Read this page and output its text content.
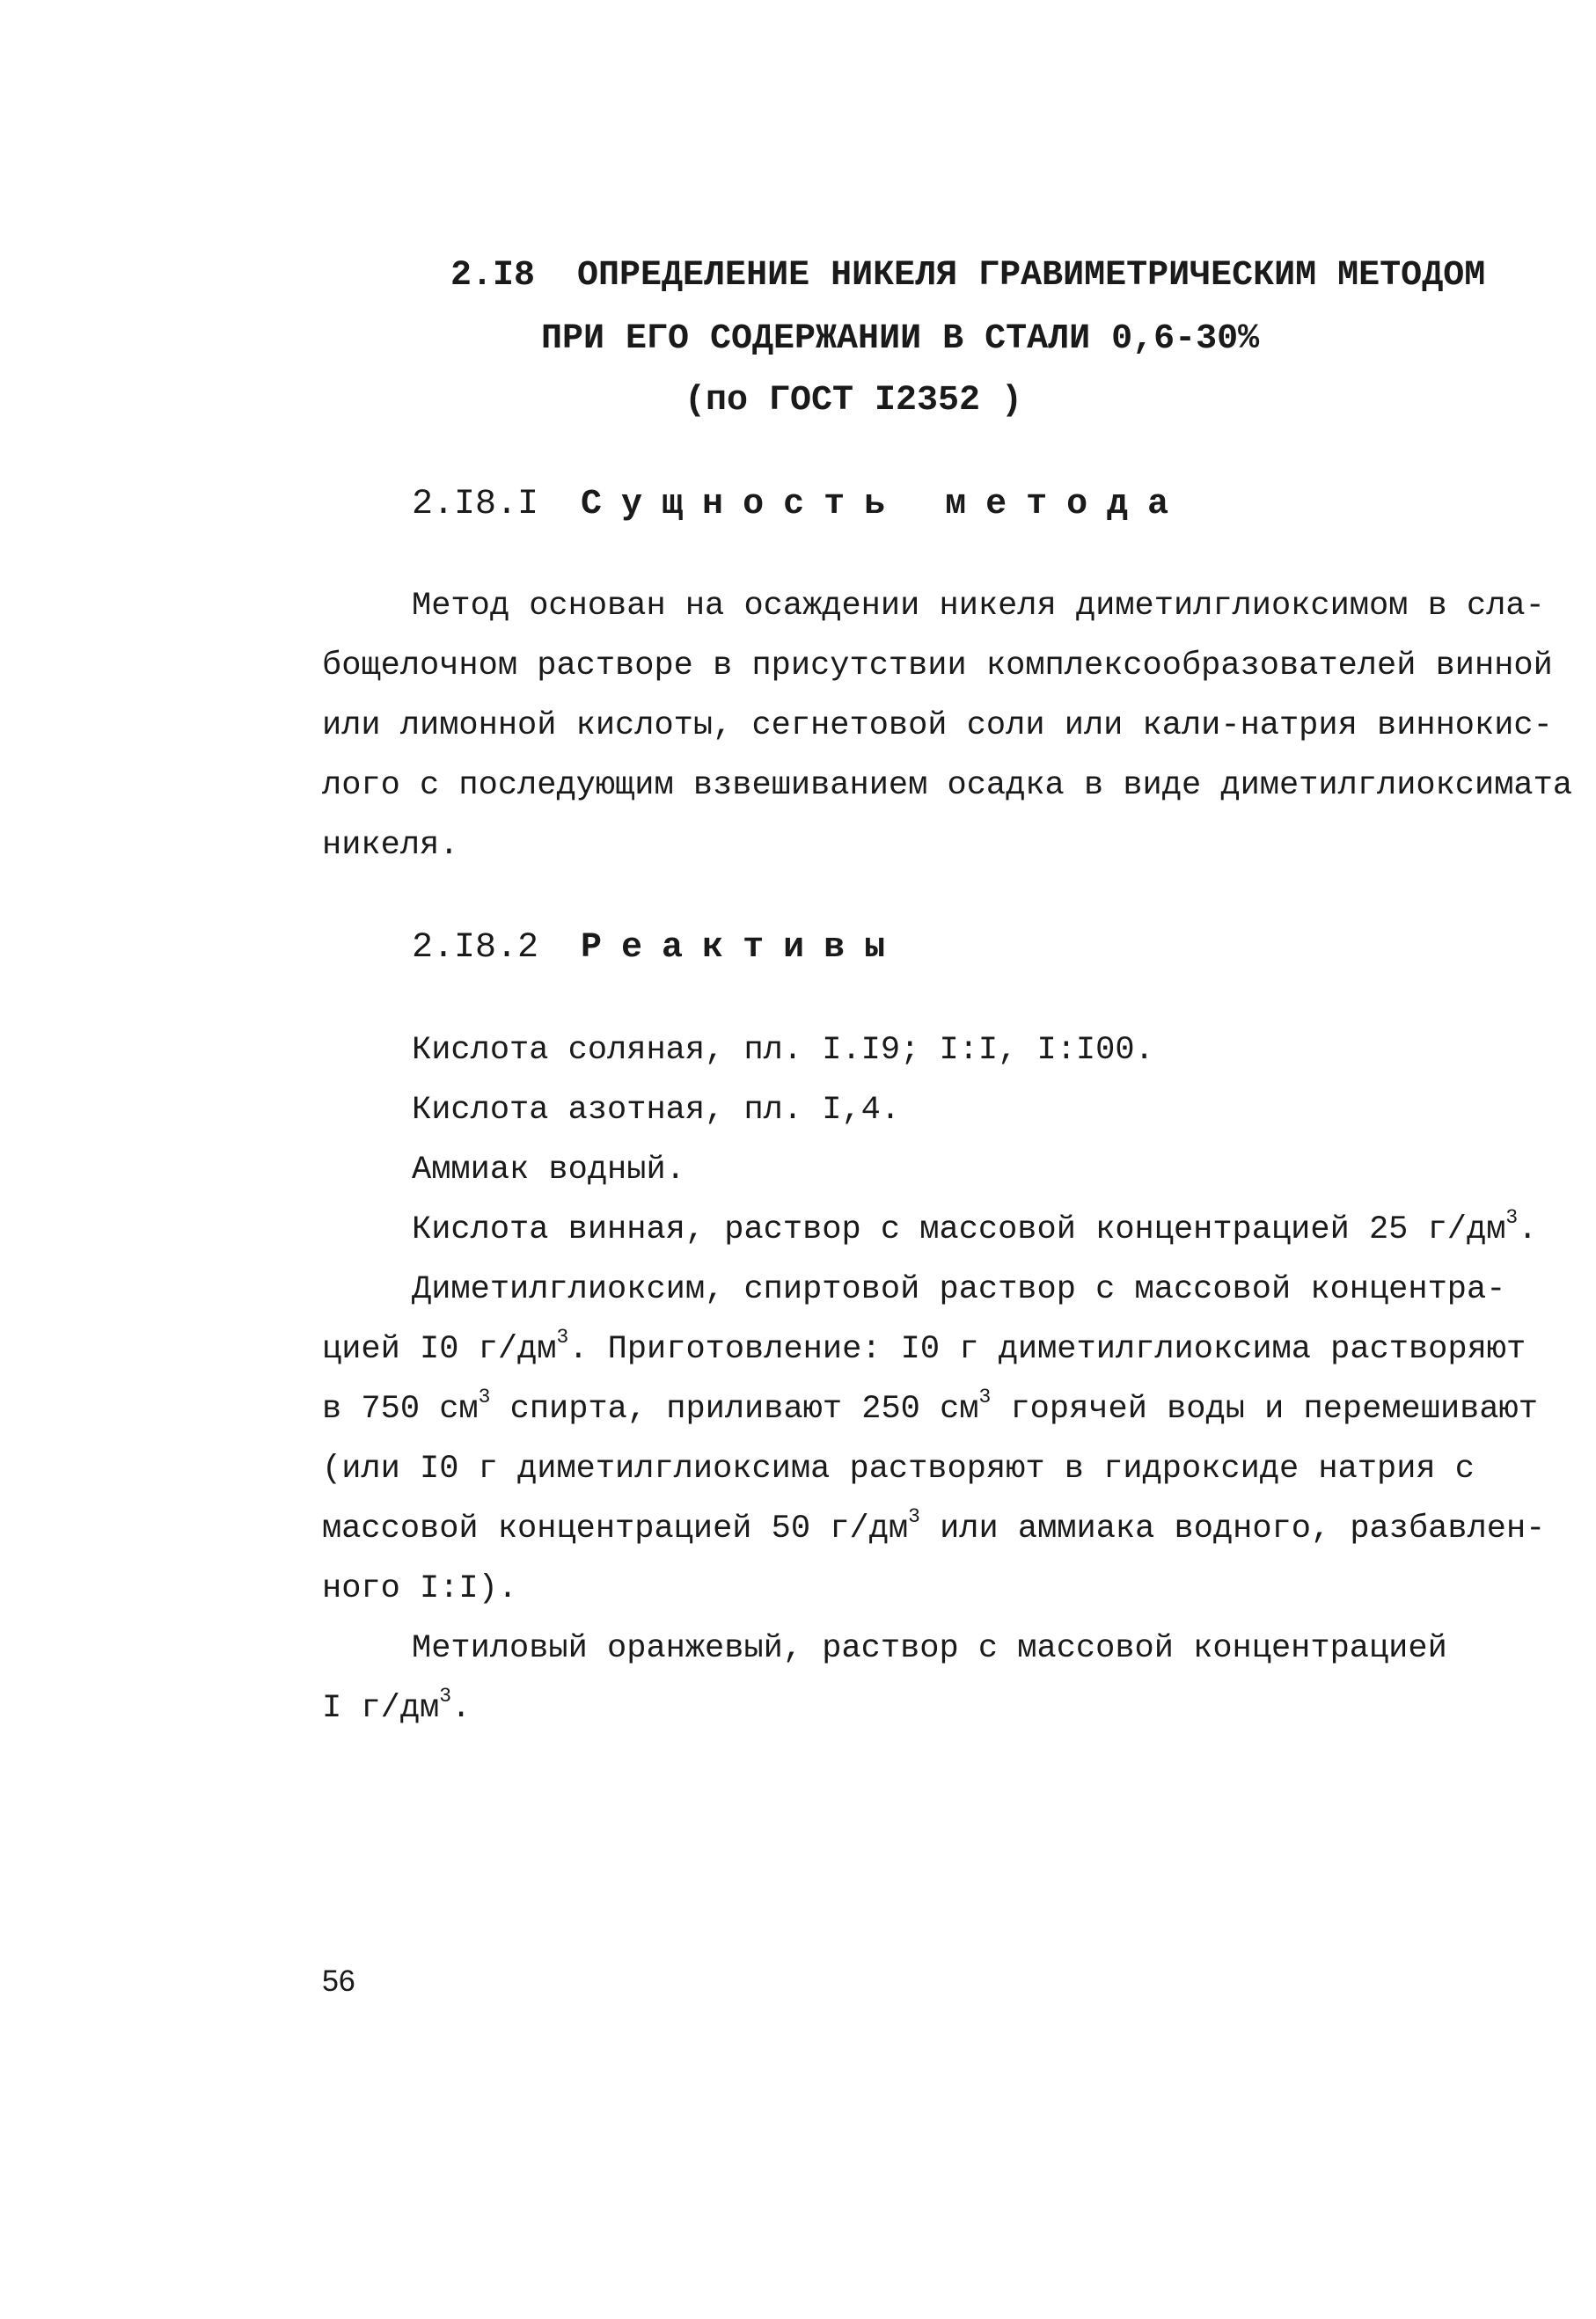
2.I8 ОПРЕДЕЛЕНИЕ НИКЕЛЯ ГРАВИМЕТРИЧЕСКИМ МЕТОДОМ
ПРИ ЕГО СОДЕРЖАНИИ В СТАЛИ 0,6-30%
(по ГОСТ I2352 )
2.I8.I Сущность метода
Метод основан на осаждении никеля диметилглиоксимом в сла-
бощелочном растворе в присутствии комплексообразователей винной
или лимонной кислоты, сегнетовой соли или кали-натрия виннокис-
лого с последующим взвешиванием осадка в виде диметилглиоксимата
никеля.
2.I8.2 Реактивы
Кислота соляная, пл. I.I9; I:I, I:I00.
Кислота азотная, пл. I,4.
Аммиак водный.
Кислота винная, раствор с массовой концентрацией 25 $г/дм^3$.
Диметилглиоксим, спиртовой раствор с массовой концентра-
цией I0 $г/дм^3$. Приготовление: I0 г диметилглиоксима растворяют
в 750 $см^3$ спирта, приливают 250 $см^3$ горячей воды и перемешивают
(или I0 г диметилглиоксима растворяют в гидроксиде натрия с
массовой концентрацией 50 $г/дм^3$ или аммиака водного, разбавлен-
ного I:I).
Метиловый оранжевый, раствор с массовой концентрацией
I $г/дм^3$.
56
